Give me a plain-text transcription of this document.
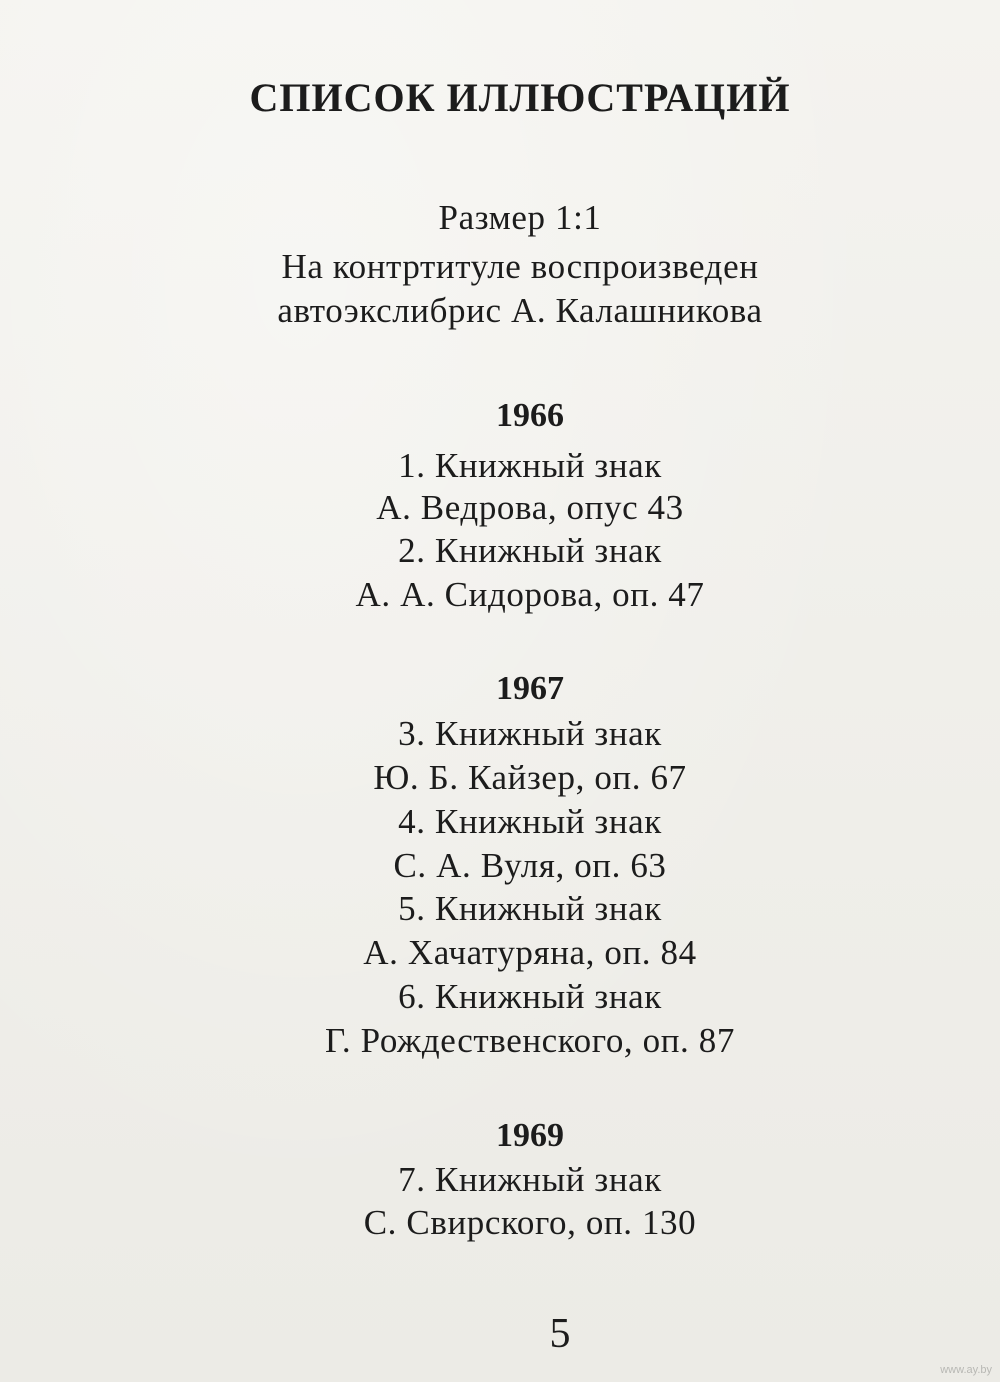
СПИСОК ИЛЛЮСТРАЦИЙ
Размер 1:1
На контртитуле воспроизведен
автоэкслибрис А. Калашникова
1966
1. Книжный знак
А. Ведрова, опус 43
2. Книжный знак
А. А. Сидорова, оп. 47
1967
3. Книжный знак
Ю. Б. Кайзер, оп. 67
4. Книжный знак
С. А. Вуля, оп. 63
5. Книжный знак
А. Хачатуряна, оп. 84
6. Книжный знак
Г. Рождественского, оп. 87
1969
7. Книжный знак
С. Свирского, оп. 130
5
www.ay.by
